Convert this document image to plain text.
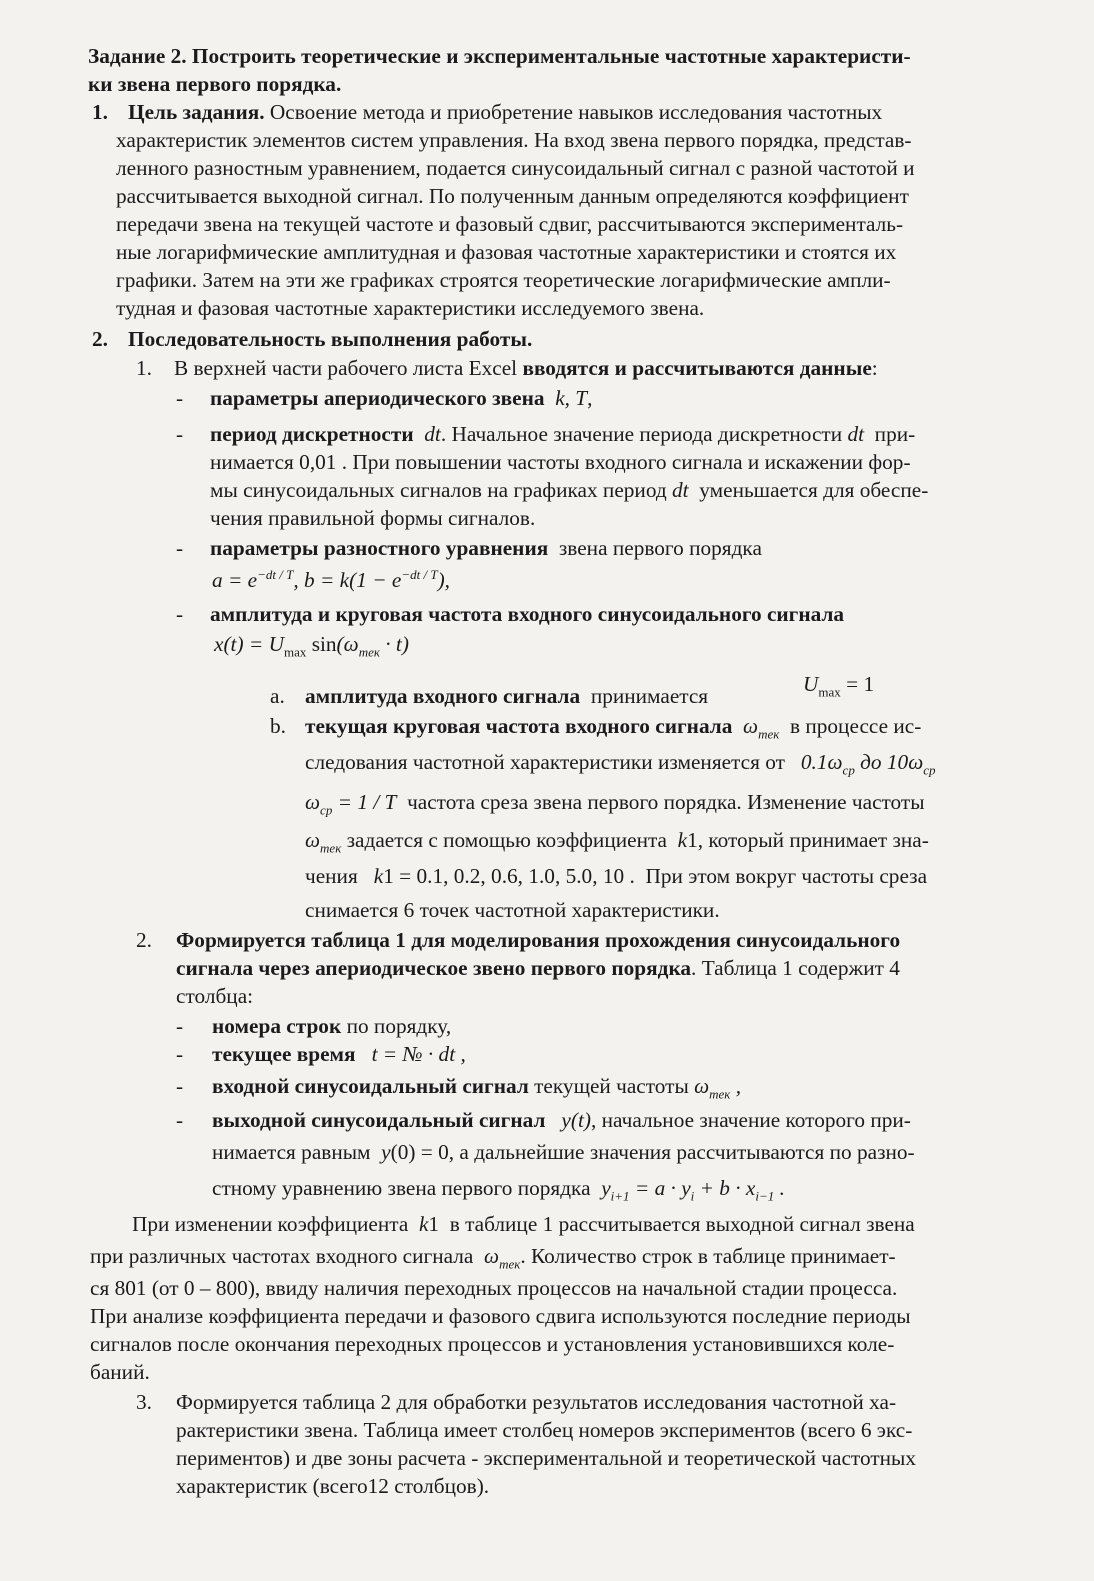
Задание 2. Построить теоретические и экспериментальные частотные характеристи-
ки звена первого порядка.
1. Цель задания. Освоение метода и приобретение навыков исследования частотных
характеристик элементов систем управления. На вход звена первого порядка, представ-
ленного разностным уравнением, подается синусоидальный сигнал с разной частотой и
рассчитывается выходной сигнал. По полученным данным определяются коэффициент
передачи звена на текущей частоте и фазовый сдвиг, рассчитываются эксперименталь-
ные логарифмические амплитудная и фазовая частотные характеристики и стоятся их
графики. Затем на эти же графиках строятся теоретические логарифмические ампли-
тудная и фазовая частотные характеристики исследуемого звена.
2. Последовательность выполнения работы.
1. В верхней части рабочего листа Excel вводятся и рассчитываются данные:
- параметры апериодического звена k, T,
- период дискретности dt. Начальное значение периода дискретности dt при-
нимается 0,01 . При повышении частоты входного сигнала и искажении фор-
мы синусоидальных сигналов на графиках период dt уменьшается для обеспе-
чения правильной формы сигналов.
- параметры разностного уравнения звена первого порядка
$a = e^{-dt / T}$, $b = k(1 - e^{-dt / T})$,
- амплитуда и круговая частота входного синусоидального сигнала
$x(t) = U_{max}$ $\sin(\omega_{тек} \cdot t)$
a. амплитуда входного сигнала принимается	$U_{max} = 1$
b. текущая круговая частота входного сигнала $\omega_{тек}$ в процессе ис-
следования частотной характеристики изменяется от $0.1\omega_{ср}$ до $10\omega_{ср}$
$\omega_{ср} = 1 / T$ частота среза звена первого порядка. Изменение частоты
$\omega_{тек}$ задается с помощью коэффициента k1, который принимает зна-
чения k1 = 0.1, 0.2, 0.6, 1.0, 5.0, 10 .  При этом вокруг частоты среза
снимается 6 точек частотной характеристики.
2. Формируется таблица 1 для моделирования прохождения синусоидального
сигнала через апериодическое звено первого порядка. Таблица 1 содержит 4
столбца:
- номера строк по порядку,
- текущее время t = № · dt ,
- входной синусоидальный сигнал текущей частоты $\omega_{тек}$ ,
- выходной синусоидальный сигнал y(t), начальное значение которого при-
нимается равным y(0) = 0, а дальнейшие значения рассчитываются по разно-
стному уравнению звена первого порядка $y_{i+1} = a \cdot y_i + b \cdot x_{i-1}$ .
При изменении коэффициента k1  в таблице 1 рассчитывается выходной сигнал звена
при различных частотах входного сигнала $\omega_{тек}$. Количество строк в таблице принимает-
ся 801 (от 0 – 800), ввиду наличия переходных процессов на начальной стадии процесса.
При анализе коэффициента передачи и фазового сдвига используются последние периоды
сигналов после окончания переходных процессов и установления установившихся коле-
баний.
3. Формируется таблица 2 для обработки результатов исследования частотной ха-
рактеристики звена. Таблица имеет столбец номеров экспериментов (всего 6 экс-
периментов) и две зоны расчета - экспериментальной и теоретической частотных
характеристик (всего12 столбцов).
